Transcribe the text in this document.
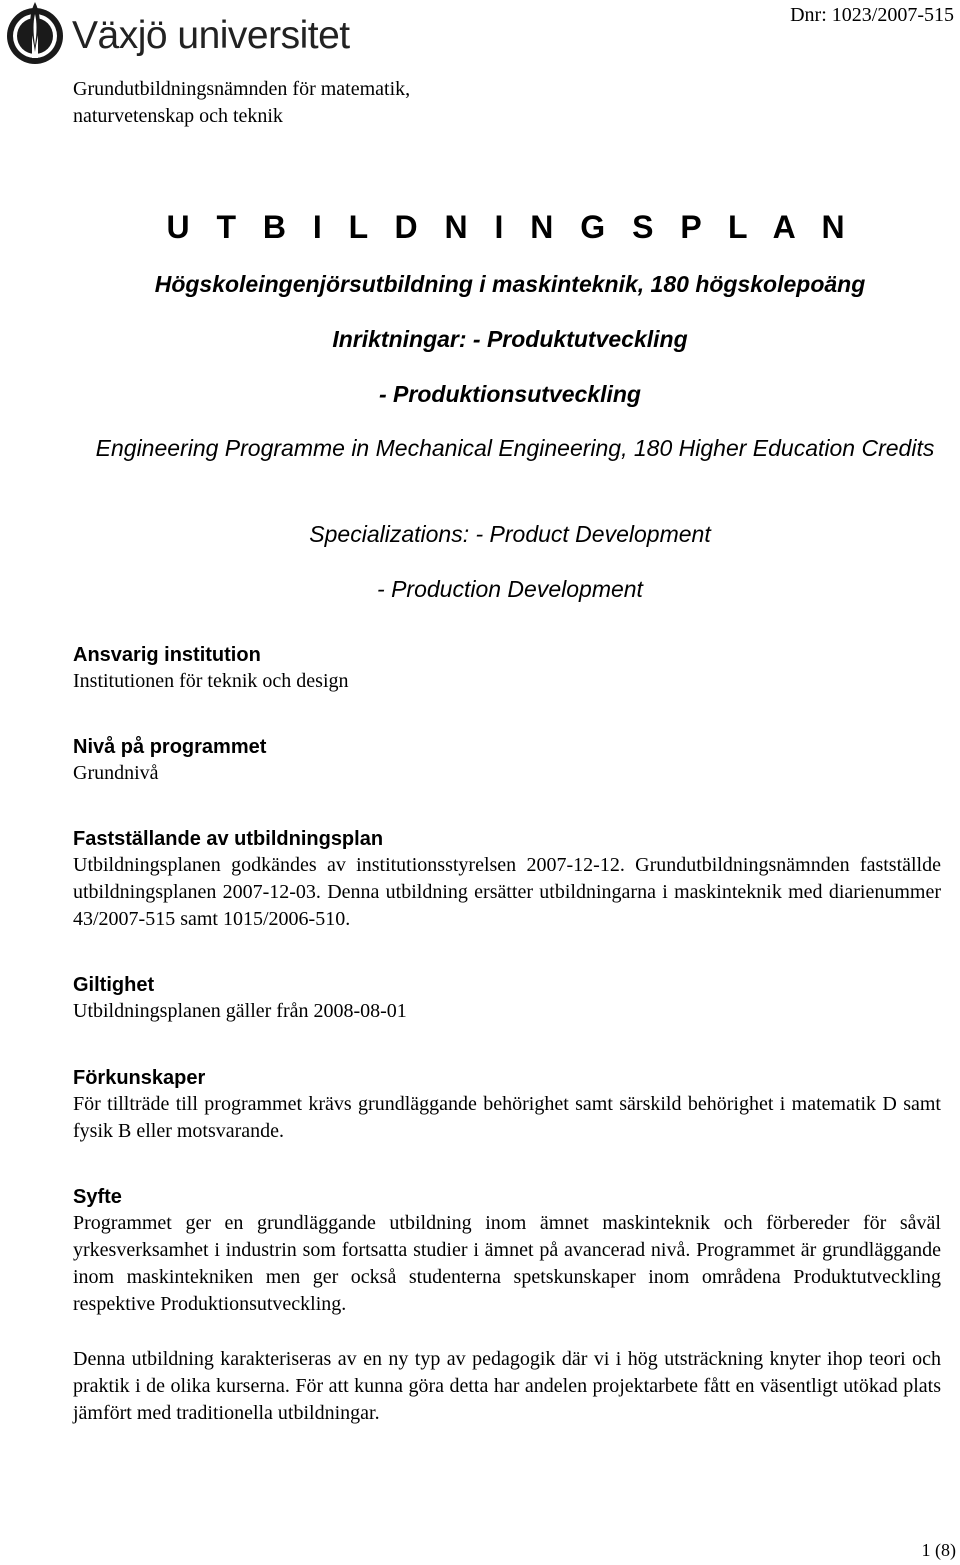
Växjö universitet	Dnr: 1023/2007-515
Grundutbildningsnämnden för matematik,
naturvetenskap och teknik
U T B I L D N I N G S P L A N
Högskoleingenjörsutbildning i maskinteknik, 180 högskolepoäng
Inriktningar: - Produktutveckling
- Produktionsutveckling
Engineering Programme in Mechanical Engineering, 180 Higher Education Credits
Specializations: - Product Development
- Production Development
Ansvarig institution

Institutionen för teknik och design

Nivå på programmet

Grundnivå

Fastställande av utbildningsplan

Utbildningsplanen godkändes av institutionsstyrelsen 2007-12-12. Grundutbildningsnämnden fastställde utbildningsplanen 2007-12-03. Denna utbildning ersätter utbildningarna i maskinteknik med diarienummer 43/2007-515 samt 1015/2006-510.

Giltighet

Utbildningsplanen gäller från 2008-08-01

Förkunskaper

För tillträde till programmet krävs grundläggande behörighet samt särskild behörighet i matematik D samt fysik B eller motsvarande.

Syfte

Programmet ger en grundläggande utbildning inom ämnet maskinteknik och förbereder för såväl yrkesverksamhet i industrin som fortsatta studier i ämnet på avancerad nivå. Programmet är grundläggande inom maskintekniken men ger också studenterna spetskunskaper inom områdena Produktutveckling respektive Produktionsutveckling.

Denna utbildning karakteriseras av en ny typ av pedagogik där vi i hög utsträckning knyter ihop teori och praktik i de olika kurserna. För att kunna göra detta har andelen projektarbete fått en väsentligt utökad plats jämfört med traditionella utbildningar.

1 (8)
